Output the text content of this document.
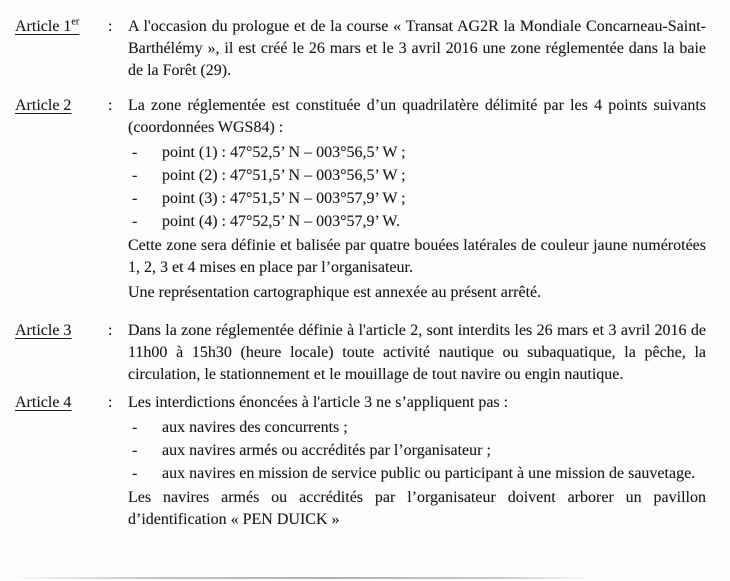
Article 1er	: A l'occasion du prologue et de la course « Transat AG2R la Mondiale Concarneau-Saint-Barthélémy », il est créé le 26 mars et le 3 avril 2016 une zone réglementée dans la baie de la Forêt (29).

Article 2	: La zone réglementée est constituée d’un quadrilatère délimité par les 4 points suivants (coordonnées WGS84) :

-	point (1) : 47°52,5’ N – 003°56,5’ W ;
-	point (2) : 47°51,5’ N – 003°56,5’ W ;
-	point (3) : 47°51,5’ N – 003°57,9’ W ;
-	point (4) : 47°52,5’ N – 003°57,9’ W.

Cette zone sera définie et balisée par quatre bouées latérales de couleur jaune numérotées 1, 2, 3 et 4 mises en place par l’organisateur.

Une représentation cartographique est annexée au présent arrêté.

Article 3	: Dans la zone réglementée définie à l'article 2, sont interdits les 26 mars et 3 avril 2016 de 11h00 à 15h30 (heure locale) toute activité nautique ou subaquatique, la pêche, la circulation, le stationnement et le mouillage de tout navire ou engin nautique.

Article 4	: Les interdictions énoncées à l'article 3 ne s’appliquent pas :

-	aux navires des concurrents ;
-	aux navires armés ou accrédités par l’organisateur ;
-	aux navires en mission de service public ou participant à une mission de sauvetage.

Les navires armés ou accrédités par l’organisateur doivent arborer un pavillon d’identification « PEN DUICK »
